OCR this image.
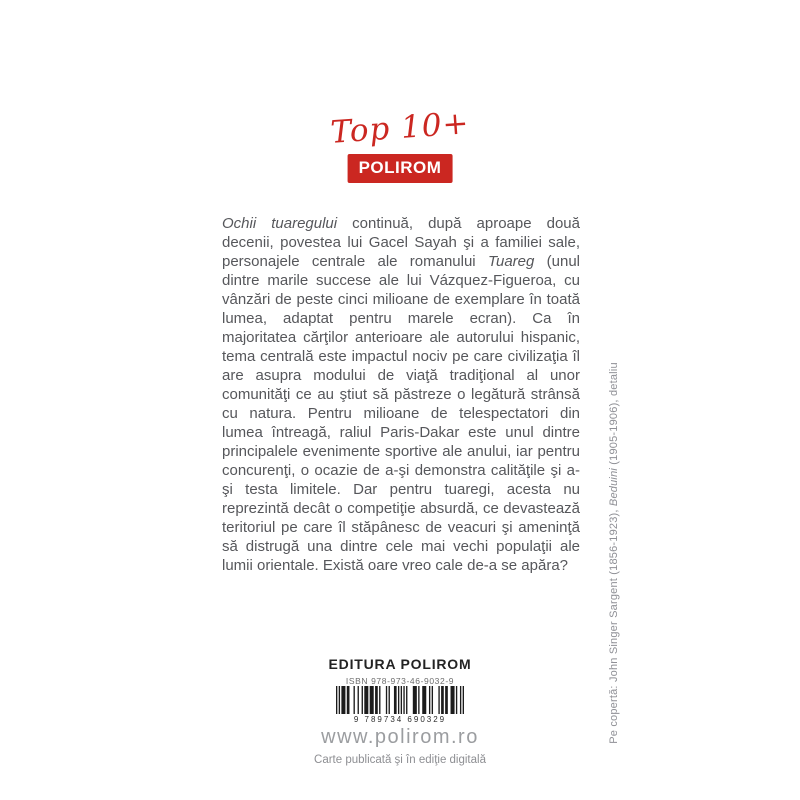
Top 10+
POLIROM

Ochii tuaregului continuă, după aproape două decenii, povestea lui Gacel Sayah şi a familiei sale, personajele centrale ale romanului Tuareg (unul dintre marile succese ale lui Vázquez-Figueroa, cu vânzări de peste cinci milioane de exemplare în toată lumea, adaptat pentru marele ecran). Ca în majoritatea cărţilor anterioare ale autorului hispanic, tema centrală este impactul nociv pe care civilizaţia îl are asupra modului de viaţă tradiţional al unor comunităţi ce au ştiut să păstreze o legătură strânsă cu natura. Pentru milioane de telespectatori din lumea întreagă, raliul Paris-Dakar este unul dintre principalele evenimente sportive ale anului, iar pentru concurenţi, o ocazie de a-şi demonstra calităţile şi a-şi testa limitele. Dar pentru tuaregi, acesta nu reprezintă decât o competiţie absurdă, ce devastează teritoriul pe care îl stăpânesc de veacuri şi ameninţă să distrugă una dintre cele mai vechi populaţii ale lumii orientale. Există oare vreo cale de-a se apăra?	Pe copertă: John Singer Sargent (1856-1923), Beduini (1905-1906), detaliu
EDITURA POLIROM
ISBN 978-973-46-9032-9
9 789734 690329
www.polirom.ro
Carte publicată şi în ediţie digitală
